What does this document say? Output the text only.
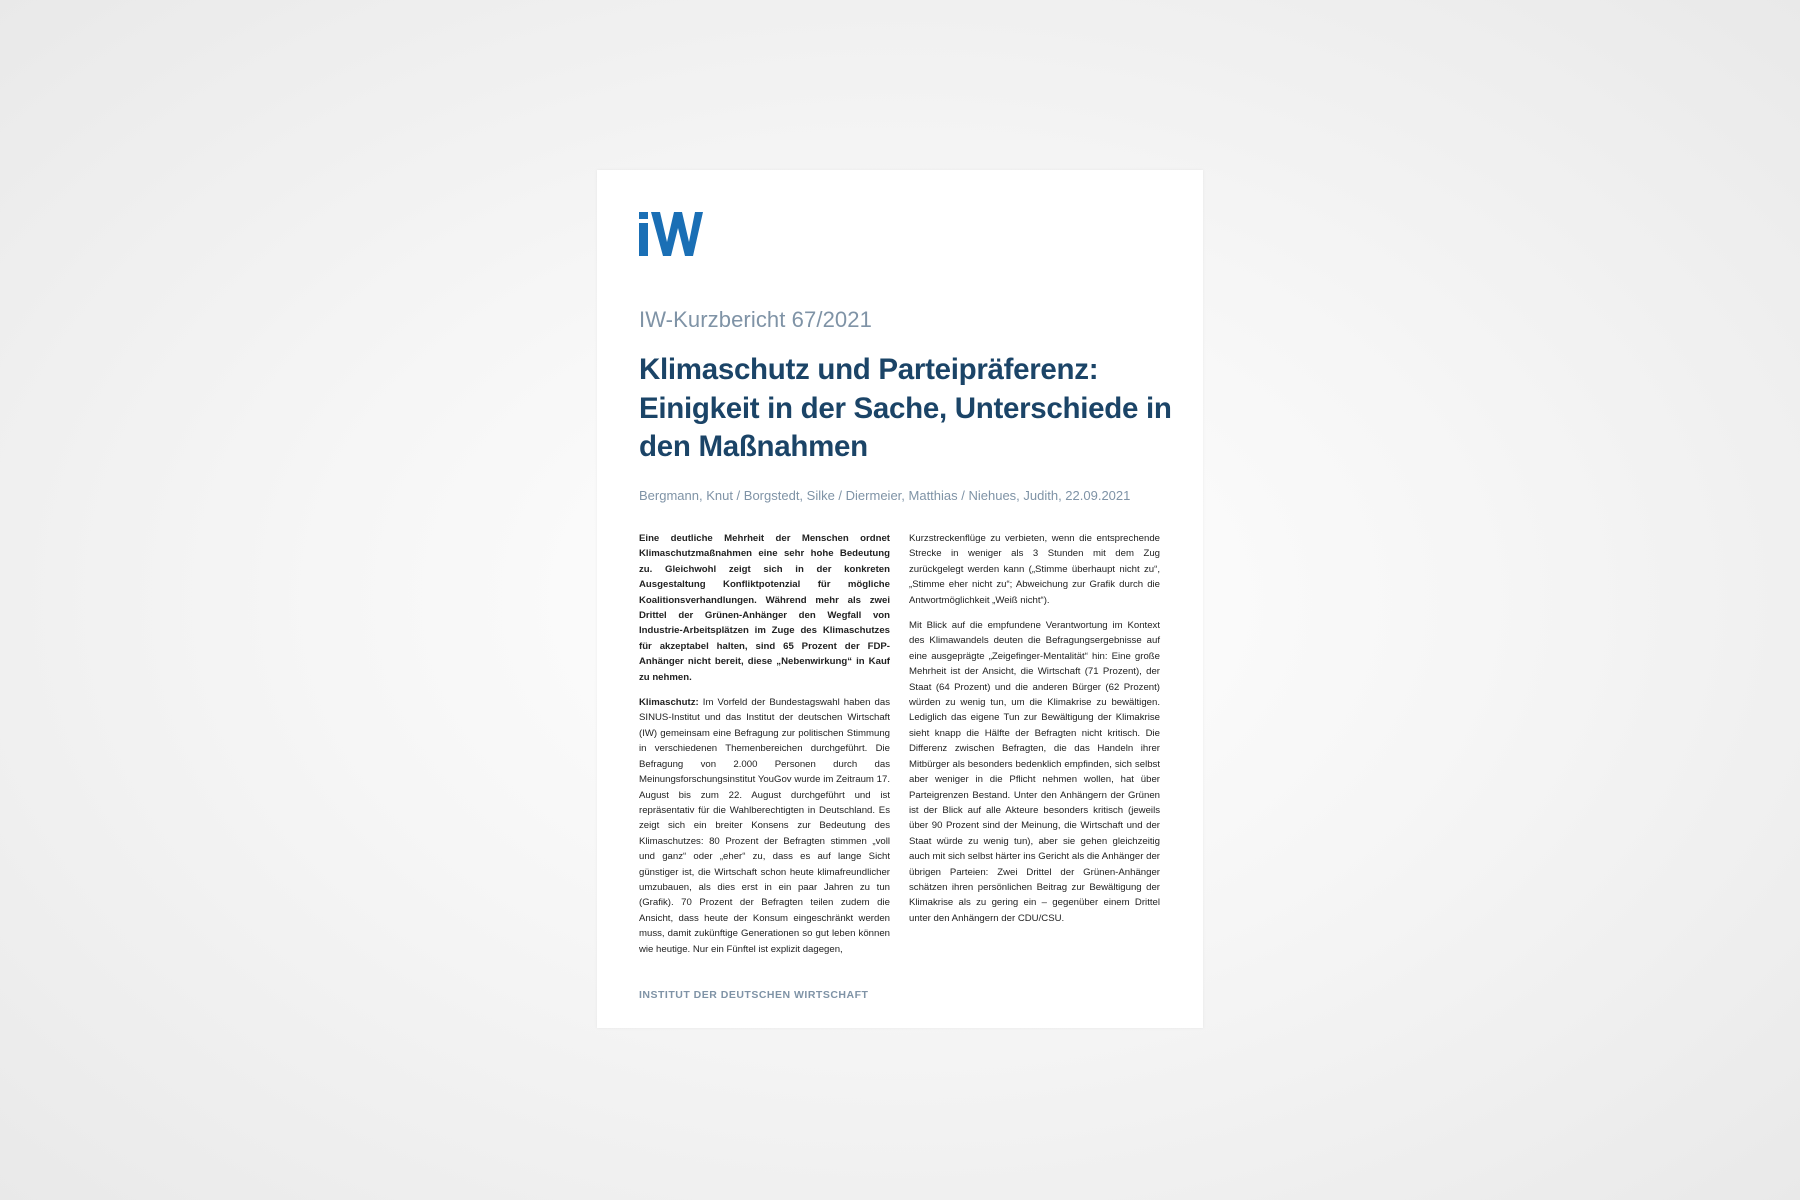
IW-Kurzbericht 67/2021
Klimaschutz und Parteipräferenz: Einigkeit in der Sache, Unterschiede in den Maßnahmen
Bergmann, Knut / Borgstedt, Silke / Diermeier, Matthias / Niehues, Judith, 22.09.2021

Eine deutliche Mehrheit der Menschen ordnet Klimaschutzmaßnahmen eine sehr hohe Bedeutung zu. Gleichwohl zeigt sich in der konkreten Ausgestaltung Konfliktpotenzial für mögliche Koalitionsverhandlungen. Während mehr als zwei Drittel der Grünen-Anhänger den Wegfall von Industrie-Arbeitsplätzen im Zuge des Klimaschutzes für akzeptabel halten, sind 65 Prozent der FDP-Anhänger nicht bereit, diese „Nebenwirkung“ in Kauf zu nehmen.

Klimaschutz: Im Vorfeld der Bundestagswahl haben das SINUS-Institut und das Institut der deutschen Wirtschaft (IW) gemeinsam eine Befragung zur politischen Stimmung in verschiedenen Themenbereichen durchgeführt. Die Befragung von 2.000 Personen durch das Meinungsforschungsinstitut YouGov wurde im Zeitraum 17. August bis zum 22. August durchgeführt und ist repräsentativ für die Wahlberechtigten in Deutschland. Es zeigt sich ein breiter Konsens zur Bedeutung des Klimaschutzes: 80 Prozent der Befragten stimmen „voll und ganz“ oder „eher“ zu, dass es auf lange Sicht günstiger ist, die Wirtschaft schon heute klimafreundlicher umzubauen, als dies erst in ein paar Jahren zu tun (Grafik). 70 Prozent der Befragten teilen zudem die Ansicht, dass heute der Konsum eingeschränkt werden muss, damit zukünftige Generationen so gut leben können wie heutige. Nur ein Fünftel ist explizit dagegen,

Kurzstreckenflüge zu verbieten, wenn die entsprechende Strecke in weniger als 3 Stunden mit dem Zug zurückgelegt werden kann („Stimme überhaupt nicht zu“, „Stimme eher nicht zu“; Abweichung zur Grafik durch die Antwortmöglichkeit „Weiß nicht“).

Mit Blick auf die empfundene Verantwortung im Kontext des Klimawandels deuten die Befragungsergebnisse auf eine ausgeprägte „Zeigefinger-Mentalität“ hin: Eine große Mehrheit ist der Ansicht, die Wirtschaft (71 Prozent), der Staat (64 Prozent) und die anderen Bürger (62 Prozent) würden zu wenig tun, um die Klimakrise zu bewältigen. Lediglich das eigene Tun zur Bewältigung der Klimakrise sieht knapp die Hälfte der Befragten nicht kritisch. Die Differenz zwischen Befragten, die das Handeln ihrer Mitbürger als besonders bedenklich empfinden, sich selbst aber weniger in die Pflicht nehmen wollen, hat über Parteigrenzen Bestand. Unter den Anhängern der Grünen ist der Blick auf alle Akteure besonders kritisch (jeweils über 90 Prozent sind der Meinung, die Wirtschaft und der Staat würde zu wenig tun), aber sie gehen gleichzeitig auch mit sich selbst härter ins Gericht als die Anhänger der übrigen Parteien: Zwei Drittel der Grünen-Anhänger schätzen ihren persönlichen Beitrag zur Bewältigung der Klimakrise als zu gering ein – gegenüber einem Drittel unter den Anhängern der CDU/CSU.

INSTITUT DER DEUTSCHEN WIRTSCHAFT
